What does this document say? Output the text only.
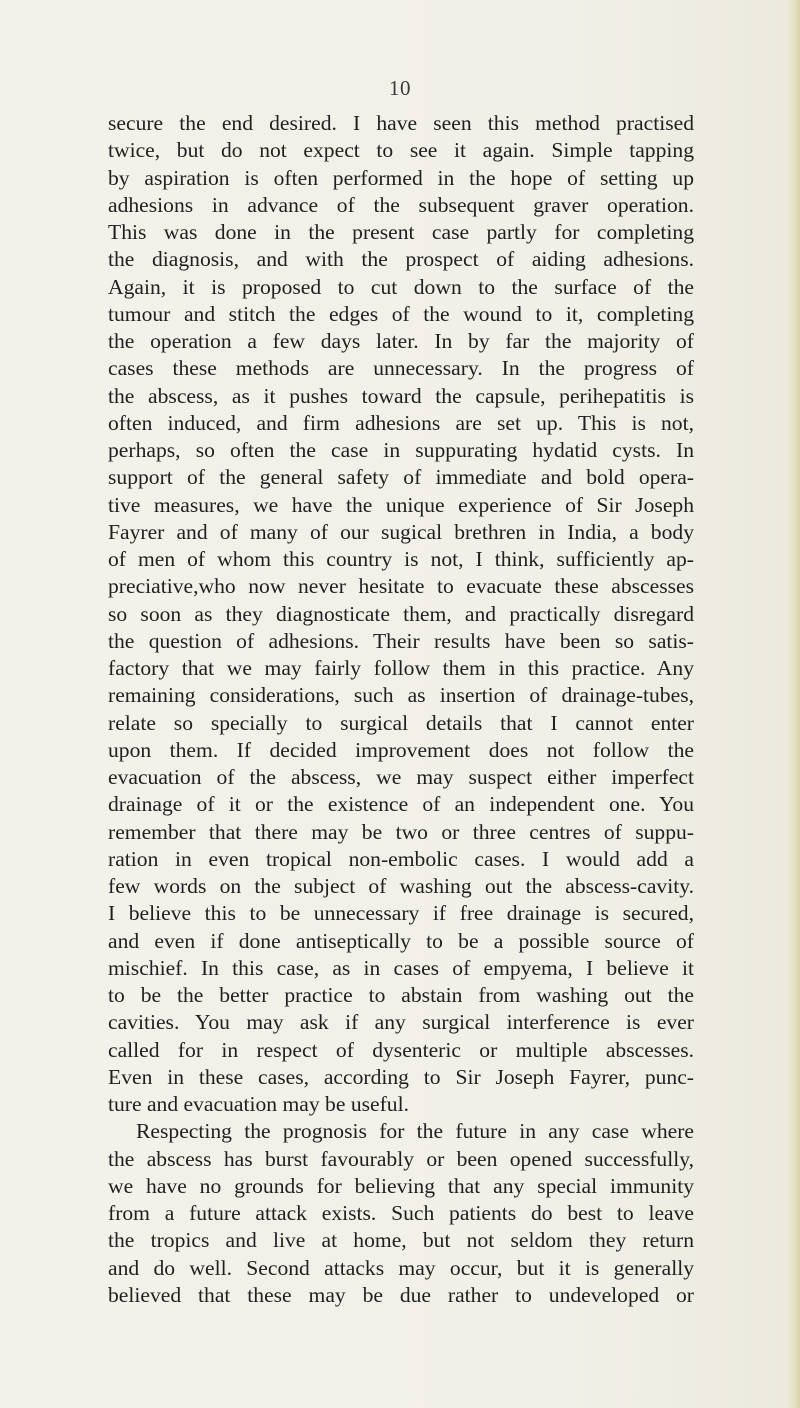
10
secure the end desired. I have seen this method practised
twice, but do not expect to see it again. Simple tapping
by aspiration is often performed in the hope of setting up
adhesions in advance of the subsequent graver operation.
This was done in the present case partly for completing
the diagnosis, and with the prospect of aiding adhesions.
Again, it is proposed to cut down to the surface of the
tumour and stitch the edges of the wound to it, completing
the operation a few days later. In by far the majority of
cases these methods are unnecessary. In the progress of
the abscess, as it pushes toward the capsule, perihepatitis is
often induced, and firm adhesions are set up. This is not,
perhaps, so often the case in suppurating hydatid cysts. In
support of the general safety of immediate and bold opera-
tive measures, we have the unique experience of Sir Joseph
Fayrer and of many of our sugical brethren in India, a body
of men of whom this country is not, I think, sufficiently ap-
preciative,who now never hesitate to evacuate these abscesses
so soon as they diagnosticate them, and practically disregard
the question of adhesions. Their results have been so satis-
factory that we may fairly follow them in this practice. Any
remaining considerations, such as insertion of drainage-tubes,
relate so specially to surgical details that I cannot enter
upon them. If decided improvement does not follow the
evacuation of the abscess, we may suspect either imperfect
drainage of it or the existence of an independent one. You
remember that there may be two or three centres of suppu-
ration in even tropical non-embolic cases. I would add a
few words on the subject of washing out the abscess-cavity.
I believe this to be unnecessary if free drainage is secured,
and even if done antiseptically to be a possible source of
mischief. In this case, as in cases of empyema, I believe it
to be the better practice to abstain from washing out the
cavities. You may ask if any surgical interference is ever
called for in respect of dysenteric or multiple abscesses.
Even in these cases, according to Sir Joseph Fayrer, punc-
ture and evacuation may be useful.
Respecting the prognosis for the future in any case where
the abscess has burst favourably or been opened successfully,
we have no grounds for believing that any special immunity
from a future attack exists. Such patients do best to leave
the tropics and live at home, but not seldom they return
and do well. Second attacks may occur, but it is generally
believed that these may be due rather to undeveloped or
